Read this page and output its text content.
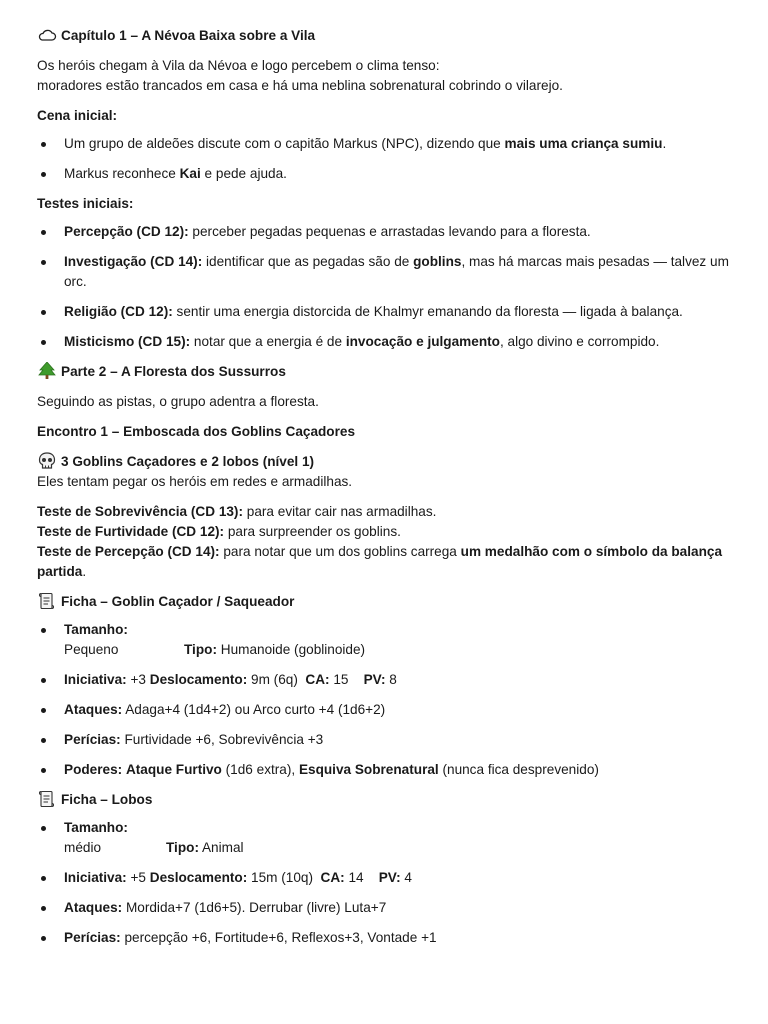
Capítulo 1 – A Névoa Baixa sobre a Vila

Os heróis chegam à Vila da Névoa e logo percebem o clima tenso:
moradores estão trancados em casa e há uma neblina sobrenatural cobrindo o vilarejo.

Cena inicial:

Um grupo de aldeões discute com o capitão Markus (NPC), dizendo que mais uma criança sumiu.
Markus reconhece Kai e pede ajuda.

Testes iniciais:

Percepção (CD 12): perceber pegadas pequenas e arrastadas levando para a floresta.
Investigação (CD 14): identificar que as pegadas são de goblins, mas há marcas mais pesadas — talvez um orc.
Religião (CD 12): sentir uma energia distorcida de Khalmyr emanando da floresta — ligada à balança.
Misticismo (CD 15): notar que a energia é de invocação e julgamento, algo divino e corrompido.
Parte 2 – A Floresta dos Sussurros

Seguindo as pistas, o grupo adentra a floresta.

Encontro 1 – Emboscada dos Goblins Caçadores

3 Goblins Caçadores e 2 lobos (nível 1)

Eles tentam pegar os heróis em redes e armadilhas.

Teste de Sobrevivência (CD 13): para evitar cair nas armadilhas.
Teste de Furtividade (CD 12): para surpreender os goblins.
Teste de Percepção (CD 14): para notar que um dos goblins carrega um medalhão com o símbolo da balança partida.

Ficha – Goblin Caçador / Saqueador
Tamanho: Pequeno	Tipo: Humanoide (goblinoide)
Iniciativa: +3 Deslocamento: 9m (6q)  CA: 15    PV: 8
Ataques: Adaga+4 (1d4+2) ou Arco curto +4 (1d6+2)
Perícias: Furtividade +6, Sobrevivência +3
Poderes: Ataque Furtivo (1d6 extra), Esquiva Sobrenatural (nunca fica desprevenido)
Ficha – Lobos
Tamanho: médio	Tipo: Animal
Iniciativa: +5 Deslocamento: 15m (10q)  CA: 14    PV: 4
Ataques: Mordida+7 (1d6+5). Derrubar (livre) Luta+7
Perícias: percepção +6, Fortitude+6, Reflexos+3, Vontade +1
